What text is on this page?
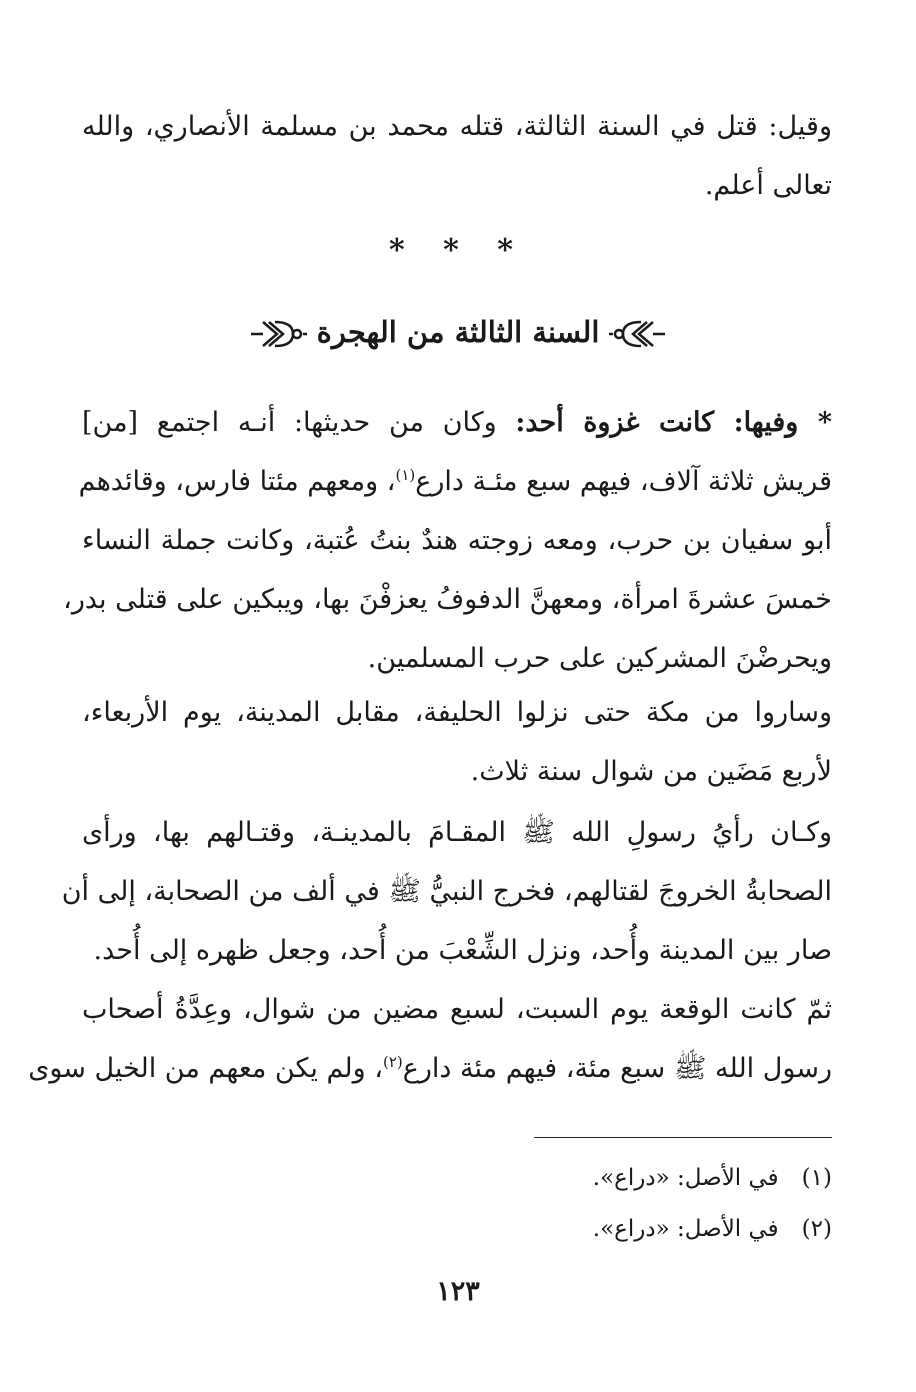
وقيل: قتل في السنة الثالثة، قتله محمد بن مسلمة الأنصاري، والله
تعالى أعلم.
* * *
السنة الثالثة من الهجرة
* وفيها: كانت غزوة أحد: وكان من حديثها: أنـه اجتمع [من]
قريش ثلاثة آلاف، فيهم سبع مئـة دارع$^{(١)}$، ومعهم مئتا فارس، وقائدهم
أبو سفيان بن حرب، ومعه زوجته هندٌ بنتُ عُتبة، وكانت جملة النساء
خمسَ عشرةَ امرأة، ومعهنَّ الدفوفُ يعزفْنَ بها، ويبكين على قتلى بدر،
ويحرضْنَ المشركين على حرب المسلمين.
وساروا من مكة حتى نزلوا الحليفة، مقابل المدينة، يوم الأربعاء،
لأربع مَضَين من شوال سنة ثلاث.
وكـان رأيُ رسولِ الله ﷺ المقـامَ بالمدينـة، وقتـالهم بها، ورأى
الصحابةُ الخروجَ لقتالهم، فخرج النبيُّ ﷺ في ألف من الصحابة، إلى أن
صار بين المدينة وأُحد، ونزل الشِّعْبَ من أُحد، وجعل ظهره إلى أُحد.
ثمّ كانت الوقعة يوم السبت، لسبع مضين من شوال، وعِدَّةُ أصحاب
رسول الله ﷺ سبع مئة، فيهم مئة دارع$^{(٢)}$، ولم يكن معهم من الخيل سوى
(١) في الأصل: «دراع».
(٢) في الأصل: «دراع».
١٢٣
